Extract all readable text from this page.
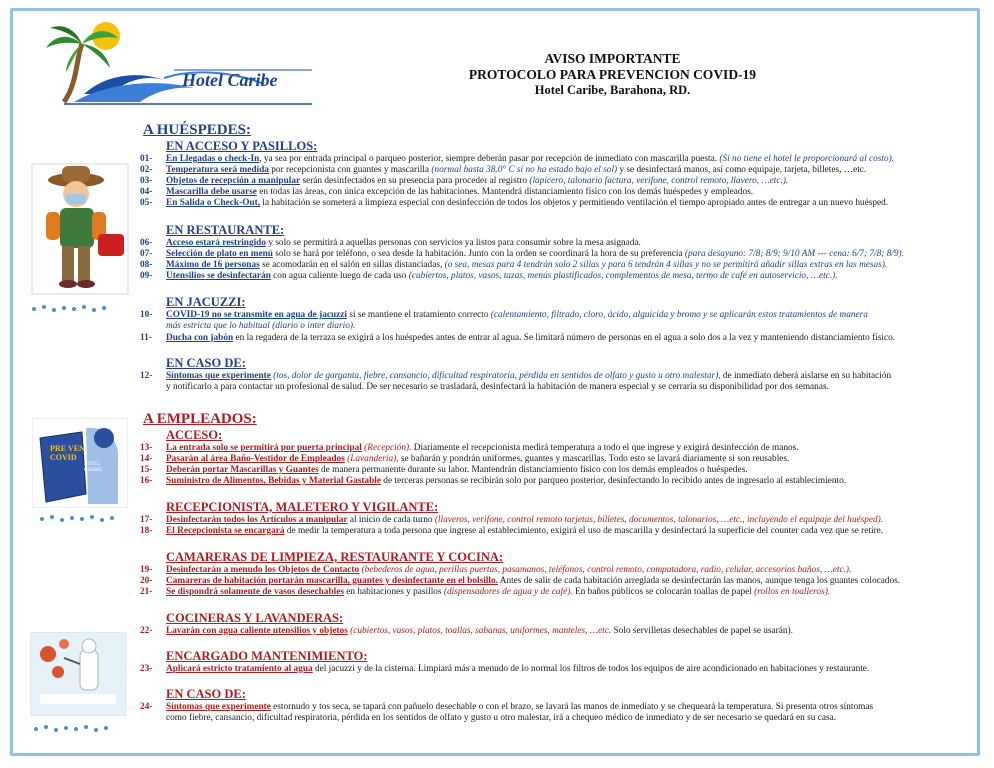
Hotel Caribe
AVISO IMPORTANTE
PROTOCOLO PARA PREVENCION COVID-19
Hotel Caribe, Barahona, RD.
PRE VEN COVID
HOTEL CARIBE
A HUÉSPEDES:
EN ACCESO Y PASILLOS:
01- En Llegadas o check-In, ya sea por entrada principal o parqueo posterior, siempre deberán pasar por recepción de inmediato con mascarilla puesta. (Si no tiene el hotel le proporcionará al costo).
02- Temperatura será medida por recepcionista con guantes y mascarilla (normal hasta 38.0° C si no ha estado bajo el sol) y se desinfectará manos, así como equipaje, tarjeta, billetes, …etc.
03- Objetos de recepción a manipular serán desinfectados en su presencia para proceder al registro (lapicero, talonario factura, verifone, control remoto, llavero, …etc.).
04- Mascarilla debe usarse en todas las áreas, con única excepción de las habitaciones. Mantendrá distanciamiento físico con los demás huéspedes y empleados.
05- En Salida o Check-Out, la habitación se someterá a limpieza especial con desinfección de todos los objetos y permitiendo ventilación el tiempo apropiado antes de entregar a un nuevo huésped.
EN RESTAURANTE:
06- Acceso estará restringido y solo se permitirá a aquellas personas con servicios ya listos para consumir sobre la mesa asignada.
07- Selección de plato en menú solo se hará por teléfono, o sea desde la habitación. Junto con la orden se coordinará la hora de su preferencia (para desayuno: 7/8; 8/9; 9/10 AM --- cena: 6/7; 7/8; 8/9).
08- Máximo de 16 personas se acomodarán en el salón en sillas distanciadas, (o sea, mesas para 4 tendrán solo 2 sillas y para 6 tendrán 4 sillas y no se permitirá añadir sillas extras en las mesas).
09- Utensilios se desinfectarán con agua caliente luego de cada uso (cubiertos, platos, vasos, tazas, menús plastificados, complementos de mesa, termo de café en autoservicio, …etc.).
EN JACUZZI:
10- COVID-19 no se transmite en agua de jacuzzi si se mantiene el tratamiento correcto (calentamiento, filtrado, cloro, ácido, alguicida y bromo y se aplicarán estos tratamientos de manera
más estricta que lo habitual (diario o inter diario).
11- Ducha con jabón en la regadera de la terraza se exigirá a los huéspedes antes de entrar al agua. Se limitará número de personas en el agua a solo dos a la vez y manteniendo distanciamiento físico.
EN CASO DE:
12- Síntomas que experimente (tos, dolor de garganta, fiebre, cansancio, dificultad respiratoria, pérdida en sentidos de olfato y gusto u otro malestar), de inmediato deberá aislarse en su habitación
y notificarlo a para contactar un profesional de salud. De ser necesario se trasladará, desinfectará la habitación de manera especial y se cerraría su disponibilidad por dos semanas.
A EMPLEADOS:
ACCESO:
13- La entrada solo se permitirá por puerta principal (Recepción). Diariamente el recepcionista medirá temperatura a todo el que ingrese y exigirá desinfección de manos.
14- Pasarán al área Baño-Vestidor de Empleados (Lavandería), se bañarán y pondrán uniformes, guantes y mascarillas. Todo esto se lavará diariamente si son reusables.
15- Deberán portar Mascarillas y Guantes de manera permanente durante su labor. Mantendrán distanciamiento físico con los demás empleados o huéspedes.
16- Suministro de Alimentos, Bebidas y Material Gastable de terceras personas se recibirán solo por parqueo posterior, desinfectando lo recibido antes de ingresarlo al establecimiento.
RECEPCIONISTA, MALETERO Y VIGILANTE:
17- Desinfectarán todos los Artículos a manipular al inicio de cada turno (llaveros, verifone, control remoto tarjetas, billetes, documentos, talonarios, …etc., incluyendo el equipaje del huésped).
18- El Recepcionista se encargará de medir la temperatura a toda persona que ingrese al establecimiento, exigirá el uso de mascarilla y desinfectará la superficie del counter cada vez que se retire.
CAMARERAS DE LIMPIEZA, RESTAURANTE Y COCINA:
19- Desinfectarán a menudo los Objetos de Contacto (bebederos de agua, perillas puertas, pasamanos, teléfonos, control remoto, computadora, radio, celular, accesorios baños, …etc.).
20- Camareras de habitación portarán mascarilla, guantes y desinfectante en el bolsillo. Antes de salir de cada habitación arreglada se desinfectarán las manos, aunque tenga los guantes colocados.
21- Se dispondrá solamente de vasos desechables en habitaciones y pasillos (dispensadores de agua y de café). En baños públicos se colocarán toallas de papel (rollos en toalleros).
COCINERAS Y LAVANDERAS:
22- Lavarán con agua caliente utensilios y objetos (cubiertos, vasos, platos, toallas, sabanas, uniformes, manteles, …etc. Solo servilletas desechables de papel se usarán).
ENCARGADO MANTENIMIENTO:
23- Aplicará estricto tratamiento al agua del jacuzzi y de la cisterna. Limpiará más a menudo de lo normal los filtros de todos los equipos de aire acondicionado en habitaciones y restaurante.
EN CASO DE:
24- Síntomas que experimente estornudo y tos seca, se tapará con pañuelo desechable o con el brazo, se lavará las manos de inmediato y se chequeará la temperatura. Si presenta otros síntomas
como fiebre, cansancio, dificultad respiratoria, pérdida en los sentidos de olfato y gusto u otro malestar, irá a chequeo médico de inmediato y de ser necesario se quedará en su casa.
